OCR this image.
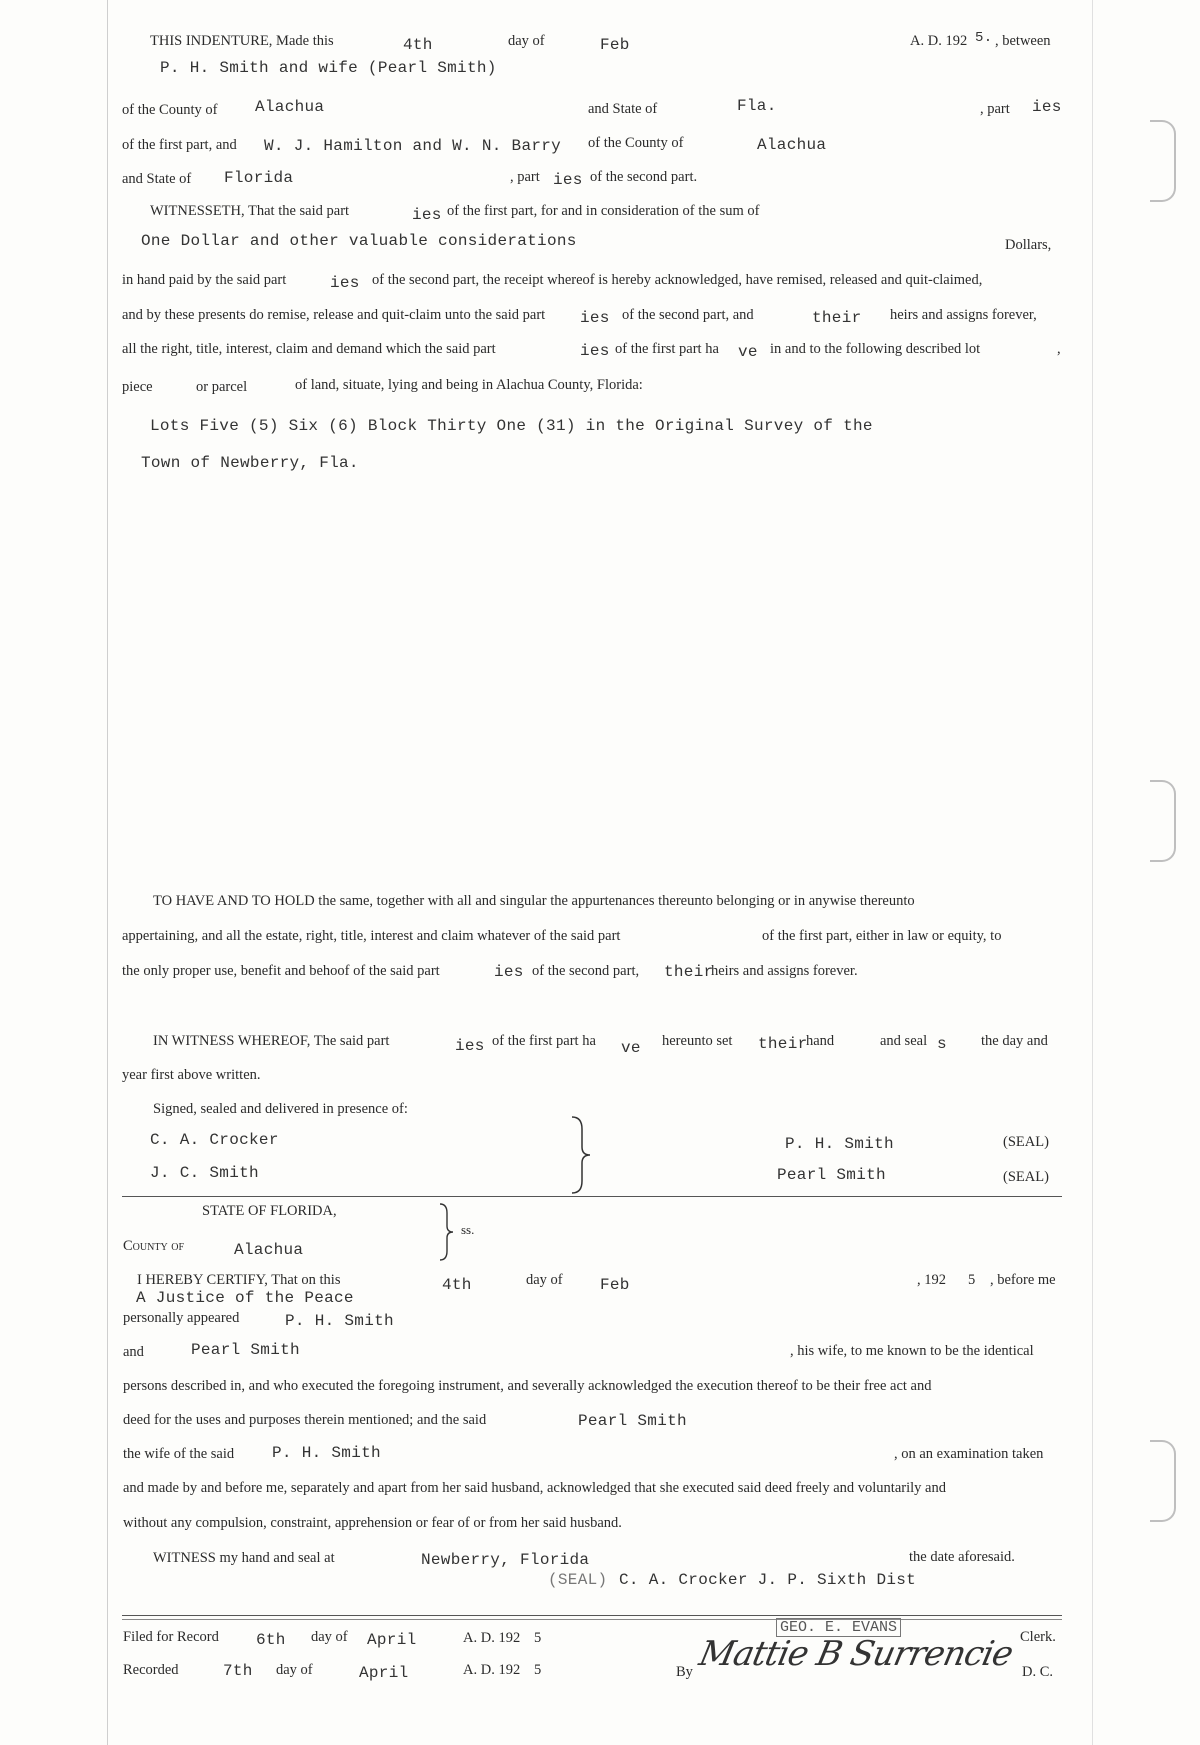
THIS INDENTURE, Made this	4th	day of	Feb	A. D. 192 5. , between
P. H. Smith and wife (Pearl Smith)
of the County of Alachua	and State of	Fla.	, part ies
of the first part, and W. J. Hamilton and W. N. Barry of the County of	Alachua
and State of Florida	, part ies of the second part.
WITNESSETH, That the said part	ies of the first part, for and in consideration of the sum of
One Dollar and other valuable considerations	Dollars,
in hand paid by the said part	ies of the second part, the receipt whereof is hereby acknowledged, have remised, released and quit-claimed,
and by these presents do remise, release and quit-claim unto the said part ies of the second part, and	their heirs and assigns forever,
all the right, title, interest, claim and demand which the said part	ies of the first part ha ve in and to the following described lot	,
piece	or parcel	of land, situate, lying and being in Alachua County, Florida:
Lots Five (5) Six (6) Block Thirty One (31) in the Original Survey of the
Town of Newberry, Fla.
TO HAVE AND TO HOLD the same, together with all and singular the appurtenances thereunto belonging or in anywise thereunto
appertaining, and all the estate, right, title, interest and claim whatever of the said part	of the first part, either in law or equity, to
the only proper use, benefit and behoof of the said part	ies of the second part, their
heirs and assigns forever.
IN WITNESS WHEREOF, The said part	ies of the first part ha ve hereunto set their
hand	and seal s the day and
year first above written.
Signed, sealed and delivered in presence of:
C. A. Crocker
J. C. Smith
P. H. Smith	(SEAL)
Pearl Smith	(SEAL)
STATE OF FLORIDA,
County of	Alachua
ss.
I HEREBY CERTIFY, That on this	4th	day of Feb	, 192 5 , before me
A Justice of the Peace
personally appeared	P. H. Smith
and	Pearl Smith	, his wife, to me known to be the identical
persons described in, and who executed the foregoing instrument, and severally acknowledged the execution thereof to be their free act and
deed for the uses and purposes therein mentioned; and the said	Pearl Smith
the wife of the said P. H. Smith	, on an examination taken
and made by and before me, separately and apart from her said husband, acknowledged that she executed said deed freely and voluntarily and
without any compulsion, constraint, apprehension or fear of or from her said husband.
WITNESS my hand and seal at	Newberry, Florida	the date aforesaid.
(SEAL) C. A. Crocker J. P. Sixth Dist
Filed for Record 6th day of April	A. D. 192 5
GEO. E. EVANS
Clerk.
Recorded	7th day of	April	A. D. 192 5	By Mattie B Surrencie D. C.
